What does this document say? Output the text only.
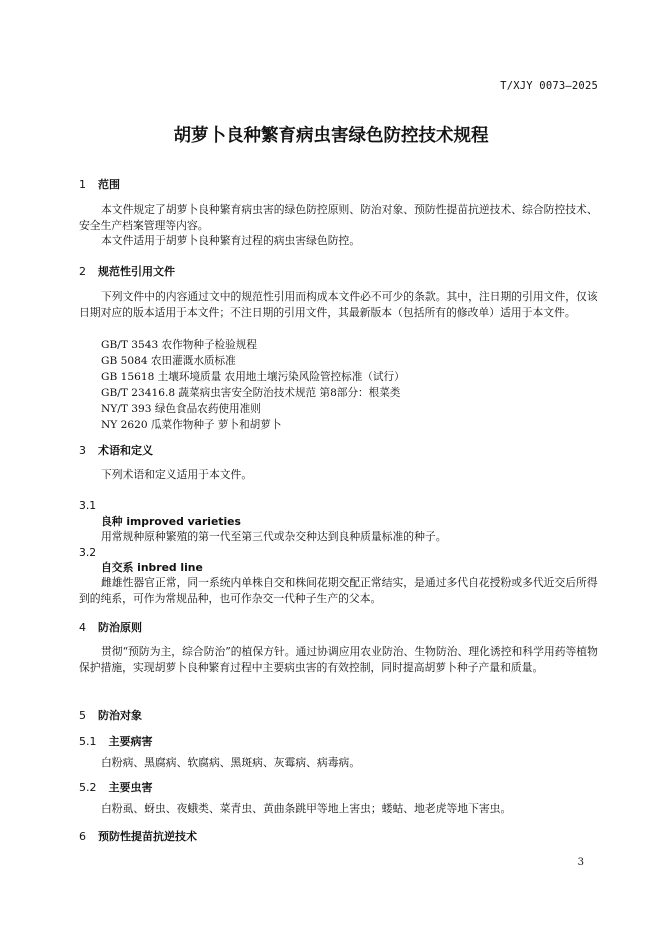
T/XJY 0073—2025
胡萝卜良种繁育病虫害绿色防控技术规程
1 范围
本文件规定了胡萝卜良种繁育病虫害的绿色防控原则、防治对象、预防性提苗抗逆技术、综合防控技术、安全生产档案管理等内容。
本文件适用于胡萝卜良种繁育过程的病虫害绿色防控。
2 规范性引用文件
下列文件中的内容通过文中的规范性引用而构成本文件必不可少的条款。其中，注日期的引用文件，仅该日期对应的版本适用于本文件；不注日期的引用文件，其最新版本（包括所有的修改单）适用于本文件。
GB/T 3543 农作物种子检验规程
GB 5084 农田灌溉水质标准
GB 15618 土壤环境质量 农用地土壤污染风险管控标准（试行）
GB/T 23416.8 蔬菜病虫害安全防治技术规范 第8部分：根菜类
NY/T 393 绿色食品农药使用准则
NY 2620 瓜菜作物种子 萝卜和胡萝卜
3 术语和定义
下列术语和定义适用于本文件。
3.1
良种 improved varieties
用常规种原种繁殖的第一代至第三代或杂交种达到良种质量标准的种子。
3.2
自交系 inbred line
雌雄性器官正常，同一系统内单株自交和株间花期交配正常结实，是通过多代自花授粉或多代近交后所得到的纯系，可作为常规品种，也可作杂交一代种子生产的父本。
4 防治原则
贯彻“预防为主，综合防治”的植保方针。通过协调应用农业防治、生物防治、理化诱控和科学用药等植物保护措施，实现胡萝卜良种繁育过程中主要病虫害的有效控制，同时提高胡萝卜种子产量和质量。
5 防治对象
5.1 主要病害
白粉病、黑腐病、软腐病、黑斑病、灰霉病、病毒病。
5.2 主要虫害
白粉虱、蚜虫、夜蛾类、菜青虫、黄曲条跳甲等地上害虫；蝼蛄、地老虎等地下害虫。
6 预防性提苗抗逆技术
3
